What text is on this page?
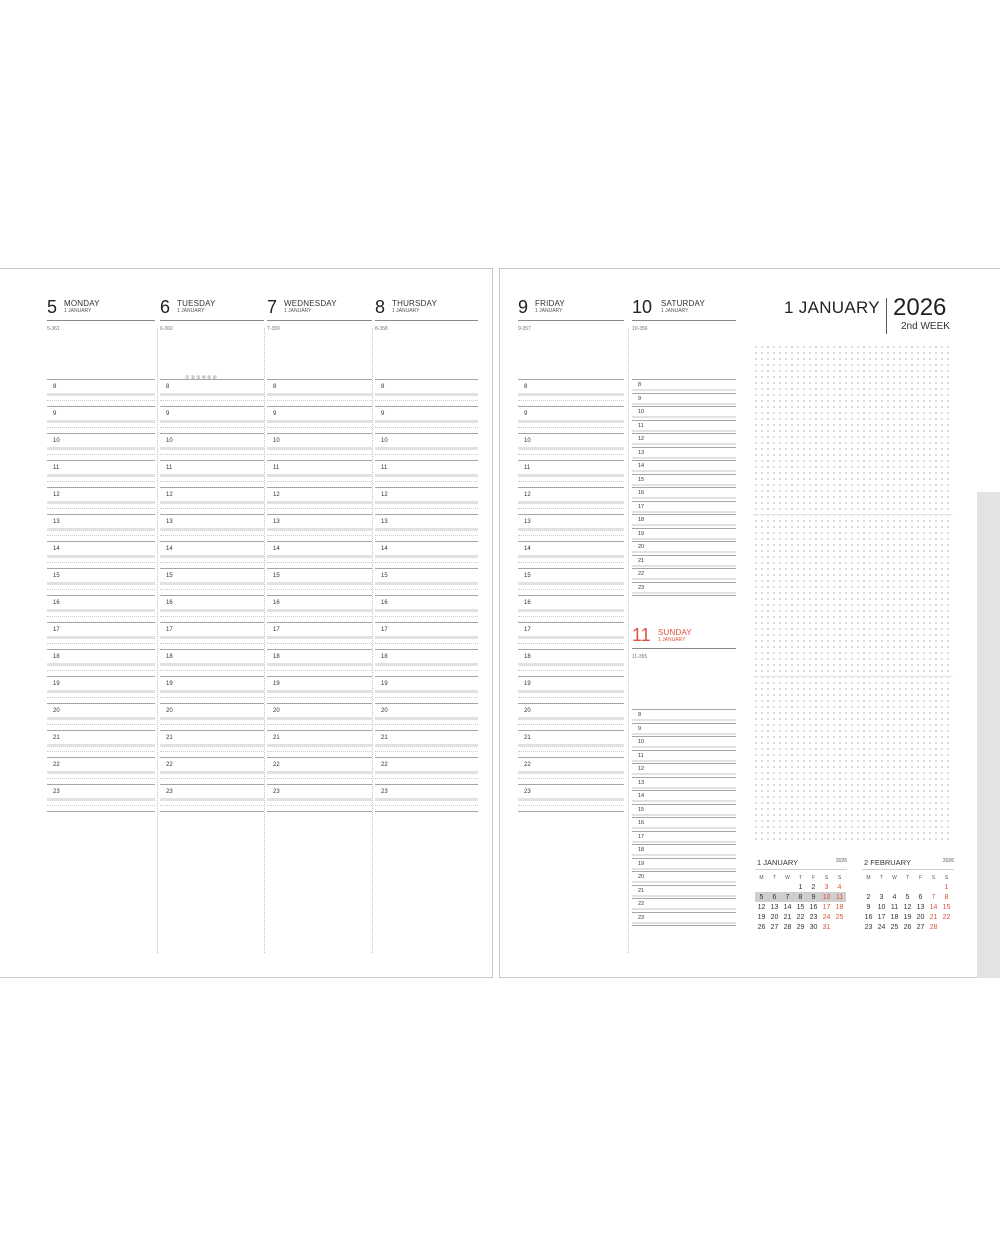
5 MONDAY
1 JANUARY
5-361
8
9
10
11
12
13
14
15
16
17
18
19
20
21
22
23
6 TUESDAY
1 JANUARY
6-360
8
9
10
11
12
13
14
15
16
17
18
19
20
21
22
23
7 WEDNESDAY
1 JANUARY
7-359
8
9
10
11
12
13
14
15
16
17
18
19
20
21
22
23
8 THURSDAY
1 JANUARY
8-358
8
9
10
11
12
13
14
15
16
17
18
19
20
21
22
23
①②③④⑤⑥
9 FRIDAY
1 JANUARY
9-357
8
9
10
11
12
13
14
15
16
17
18
19
20
21
22
23
10 SATURDAY
1 JANUARY
10-356
8
9
10
11
12
13
14
15
16
17
18
19
20
21
22
23
11 SUNDAY
1 JANUARY
11-355
8
9
10
11
12
13
14
15
16
17
18
19
20
21
22
23
1 JANUARY 2026
2nd WEEK
1 JANUARY	2026
M	T	W	T	F	S	S
			1	2	3	4
5	6	7	8	9	10	11
12	13	14	15	16	17	18
19	20	21	22	23	24	25
26	27	28	29	30	31	
2 FEBRUARY	2026
M	T	W	T	F	S	S
						1
2	3	4	5	6	7	8
9	10	11	12	13	14	15
16	17	18	19	20	21	22
23	24	25	26	27	28	
